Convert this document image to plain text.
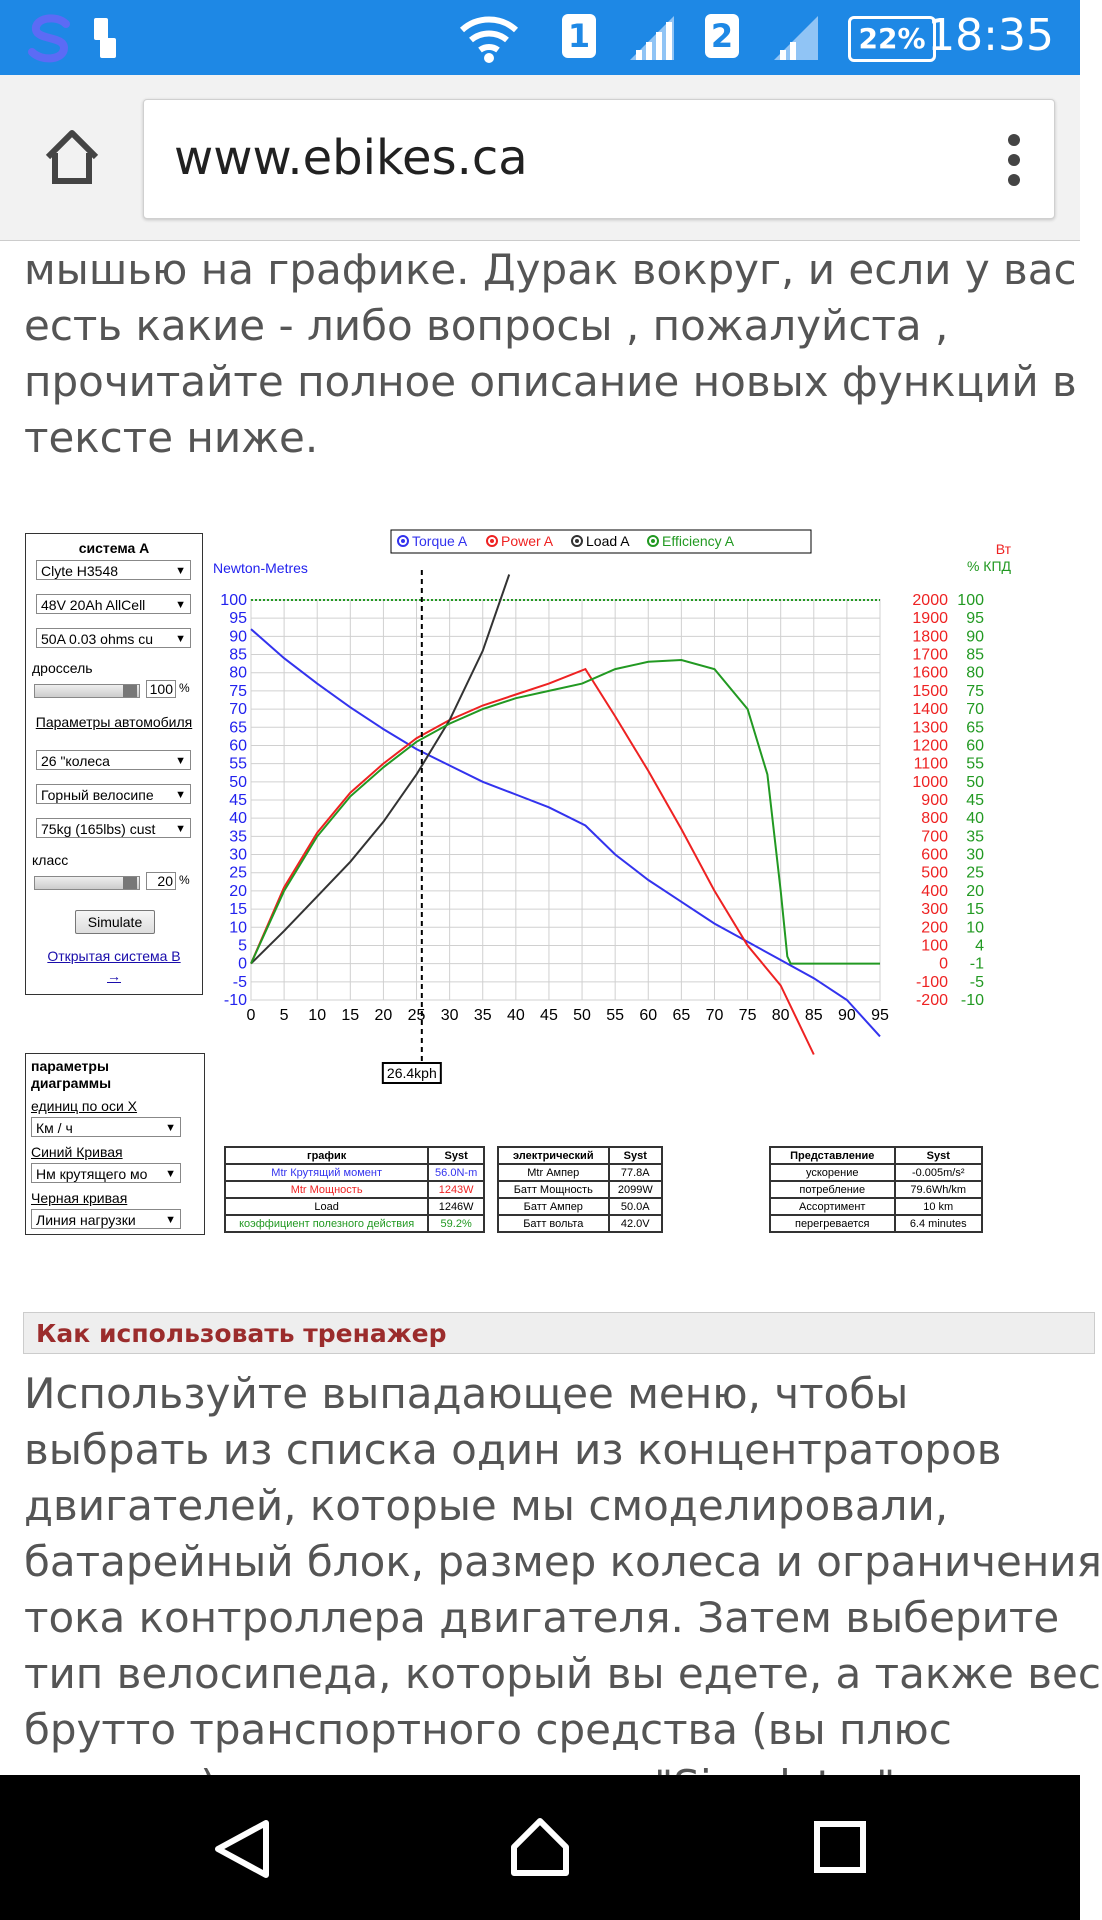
1	2	22% 18:35
www.ebikes.ca
мышью на графике. Дурак вокруг, и если у вас
есть какие - либо вопросы , пожалуйста ,
прочитайте полное описание новых функций в
тексте ниже.
система A
Clyte H3548	▼
48V 20Ah AllCell	▼
50A 0.03 ohms cu ▼
дроссель
100 %
Параметры автомобиля
26 "колеса	▼
Горный велосипе ▼
75kg (165lbs) cust ▼
класс
20 %
Simulate
Открытая система B
→
0 5 10 15 20 25 30 35 40 45 50 55 60 65 70 75 80 85 90 95
100
95
90
85
80
75
70
65
60
55
50
45
40
35
30
25
20
15
10
5
0
-5
-10
2000
1900
1800
1700
1600
1500
1400
1300
1200
1100
1000
900
800
700
600
500
400
300
200
100
0
-100
-200
100
95
90
85
80
75
70
65
60
55
50
45
40
35
30
25
20
15
10
4
-1
-5
-10
Newton-Metres
Вт
% КПД
Torque A Power A Load A Efficiency A
26.4kph
параметры диаграммы
единиц по оси X
Км / ч	▼
Синий Кривая
Нм крутящего мо ▼
Черная кривая
Линия нагрузки	▼
график	Syst
Mtr Крутящий момент	56.0N-m
Mtr Мощность	1243W
Load	1246W
коэффициент полезного действия	59.2%
электрический	Syst
Mtr Ампер	77.8A
Батт Мощность	2099W
Батт Ампер	50.0A
Батт вольта	42.0V
Представление	Syst
ускорение	-0.005m/s²
потребление	79.6Wh/km
Ассортимент	10 km
перегревается	6.4 minutes
Как использовать тренажер
Используйте выпадающее меню, чтобы
выбрать из списка один из концентраторов
двигателей, которые мы смоделировали,
батарейный блок, размер колеса и ограничения
тока контроллера двигателя. Затем выберите
тип велосипеда, который вы едете, а также вес
брутто транспортного средства (вы плюс
